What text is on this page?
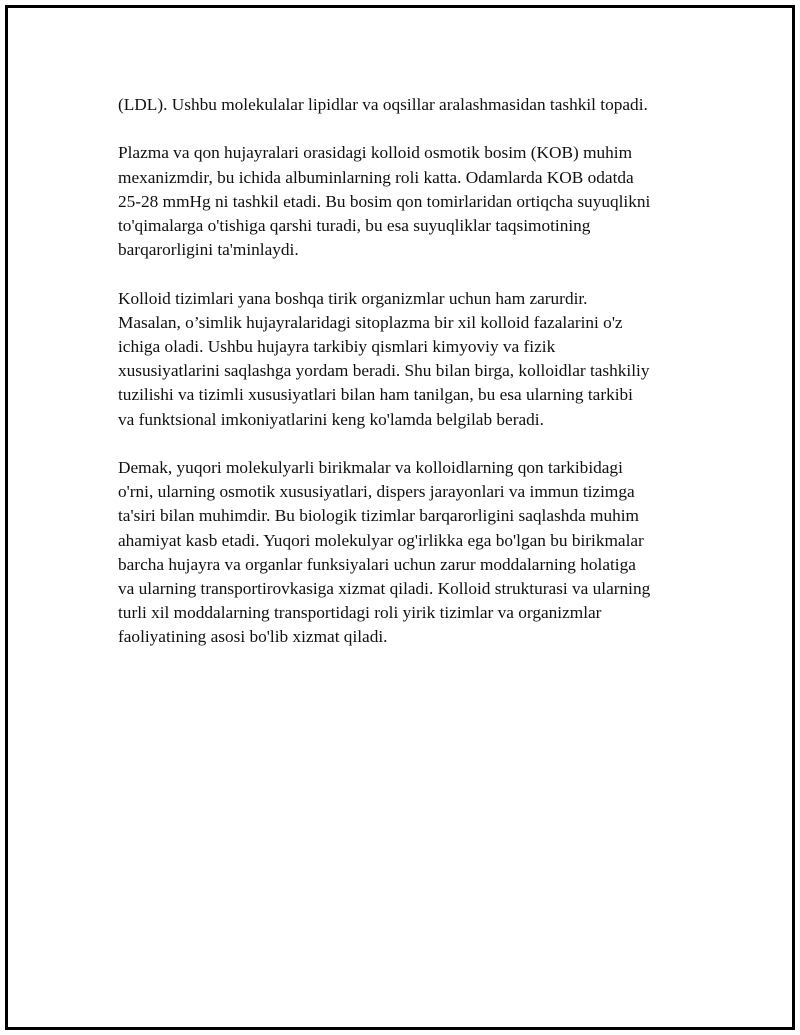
(LDL). Ushbu molekulalar lipidlar va oqsillar aralashmasidan tashkil topadi.

Plazma va qon hujayralari orasidagi kolloid osmotik bosim (KOB) muhim
mexanizmdir, bu ichida albuminlarning roli katta. Odamlarda KOB odatda
25-28 mmHg ni tashkil etadi. Bu bosim qon tomirlaridan ortiqcha suyuqlikni
to'qimalarga o'tishiga qarshi turadi, bu esa suyuqliklar taqsimotining
barqarorligini ta'minlaydi.

Kolloid tizimlari yana boshqa tirik organizmlar uchun ham zarurdir.
Masalan, o’simlik hujayralaridagi sitoplazma bir xil kolloid fazalarini o'z
ichiga oladi. Ushbu hujayra tarkibiy qismlari kimyoviy va fizik
xususiyatlarini saqlashga yordam beradi. Shu bilan birga, kolloidlar tashkiliy
tuzilishi va tizimli xususiyatlari bilan ham tanilgan, bu esa ularning tarkibi
va funktsional imkoniyatlarini keng ko'lamda belgilab beradi.

Demak, yuqori molekulyarli birikmalar va kolloidlarning qon tarkibidagi
o'rni, ularning osmotik xususiyatlari, dispers jarayonlari va immun tizimga
ta'siri bilan muhimdir. Bu biologik tizimlar barqarorligini saqlashda muhim
ahamiyat kasb etadi. Yuqori molekulyar og'irlikka ega bo'lgan bu birikmalar
barcha hujayra va organlar funksiyalari uchun zarur moddalarning holatiga
va ularning transportirovkasiga xizmat qiladi. Kolloid strukturasi va ularning
turli xil moddalarning transportidagi roli yirik tizimlar va organizmlar
faoliyatining asosi bo'lib xizmat qiladi.
